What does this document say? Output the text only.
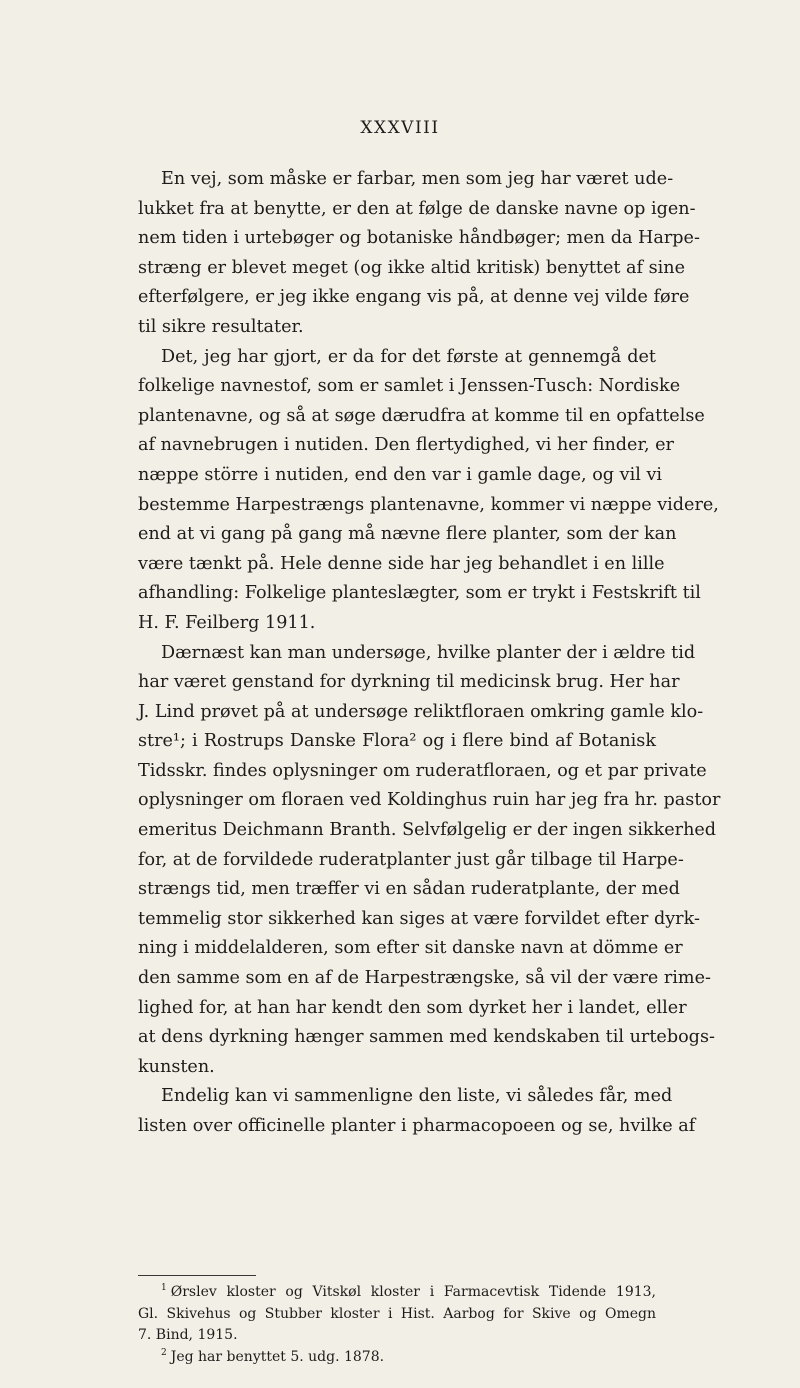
XXXVIII
En vej, som måske er farbar, men som jeg har været ude-
lukket fra at benytte, er den at følge de danske navne op igen-
nem tiden i urtebøger og botaniske håndbøger; men da Harpe-
stræng er blevet meget (og ikke altid kritisk) benyttet af sine
efterfølgere, er jeg ikke engang vis på, at denne vej vilde føre
til sikre resultater.
Det, jeg har gjort, er da for det første at gennemgå det
folkelige navnestof, som er samlet i Jenssen-Tusch: Nordiske
plantenavne, og så at søge dærudfra at komme til en opfattelse
af navnebrugen i nutiden. Den flertydighed, vi her finder, er
næppe större i nutiden, end den var i gamle dage, og vil vi
bestemme Harpestrængs plantenavne, kommer vi næppe videre,
end at vi gang på gang må nævne flere planter, som der kan
være tænkt på. Hele denne side har jeg behandlet i en lille
afhandling: Folkelige planteslægter, som er trykt i Festskrift til
H. F. Feilberg 1911.
Dærnæst kan man undersøge, hvilke planter der i ældre tid
har været genstand for dyrkning til medicinsk brug. Her har
J. Lind prøvet på at undersøge reliktfloraen omkring gamle klo-
stre¹; i Rostrups Danske Flora² og i flere bind af Botanisk
Tidsskr. findes oplysninger om ruderatfloraen, og et par private
oplysninger om floraen ved Koldinghus ruin har jeg fra hr. pastor
emeritus Deichmann Branth. Selvfølgelig er der ingen sikkerhed
for, at de forvildede ruderatplanter just går tilbage til Harpe-
strængs tid, men træffer vi en sådan ruderatplante, der med
temmelig stor sikkerhed kan siges at være forvildet efter dyrk-
ning i middelalderen, som efter sit danske navn at dömme er
den samme som en af de Harpestrængske, så vil der være rime-
lighed for, at han har kendt den som dyrket her i landet, eller
at dens dyrkning hænger sammen med kendskaben til urtebogs-
kunsten.
Endelig kan vi sammenligne den liste, vi således får, med
listen over officinelle planter i pharmacopoeen og se, hvilke af
$^1$ Ørslev kloster og Vitskøl kloster i Farmacevtisk Tidende 1913,
Gl. Skivehus og Stubber kloster i Hist. Aarbog for Skive og Omegn
7. Bind, 1915.
$^2$ Jeg har benyttet 5. udg. 1878.
